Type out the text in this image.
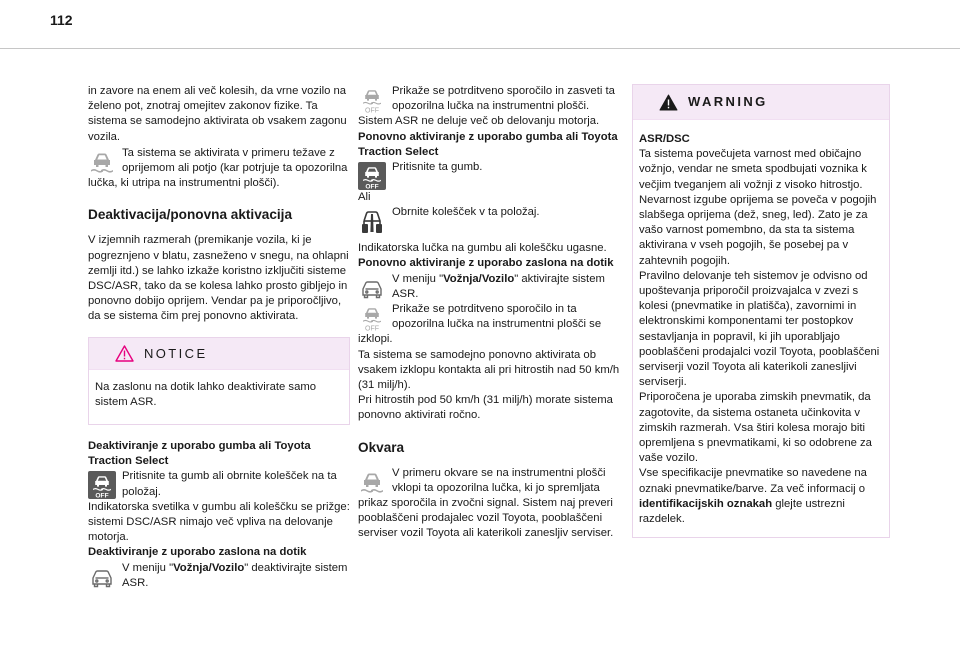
112

in zavore na enem ali več kolesih, da vrne vozilo na želeno pot, znotraj omejitev zakonov fizike. Ta sistema se samodejno aktivirata ob vsakem zagonu vozila.

Ta sistema se aktivirata v primeru težave z oprijemom ali potjo (kar potrjuje ta opozorilna lučka, ki utripa na instrumentni plošči).

Deaktivacija/ponovna aktivacija

V izjemnih razmerah (premikanje vozila, ki je pogreznjeno v blatu, zasneženo v snegu, na ohlapni zemlji itd.) se lahko izkaže koristno izključiti sisteme DSC/ASR, tako da se kolesa lahko prosto gibljejo in ponovno dobijo oprijem. Vendar pa je priporočljivo, da se sistema čim prej ponovno aktivirata.

NOTICE

Na zaslonu na dotik lahko deaktivirate samo sistem ASR.

Deaktiviranje z uporabo gumba ali Toyota Traction Select

OFF

Pritisnite ta gumb ali obrnite kolešček na ta položaj.

Indikatorska svetilka v gumbu ali koleščku se prižge: sistemi DSC/ASR nimajo več vpliva na delovanje motorja.

Deaktiviranje z uporabo zaslona na dotik

V meniju "Vožnja/Vozilo" deaktivirajte sistem ASR.

OFF

Prikaže se potrditveno sporočilo in zasveti ta opozorilna lučka na instrumentni plošči.

Sistem ASR ne deluje več ob delovanju motorja.

Ponovno aktiviranje z uporabo gumba ali Toyota Traction Select

OFF

Pritisnite ta gumb.

Ali

Obrnite kolešček v ta položaj.

Indikatorska lučka na gumbu ali koleščku ugasne.

Ponovno aktiviranje z uporabo zaslona na dotik

V meniju "Vožnja/Vozilo" aktivirajte sistem ASR.

OFF

Prikaže se potrditveno sporočilo in ta opozorilna lučka na instrumentni plošči se izklopi.

Ta sistema se samodejno ponovno aktivirata ob vsakem izklopu kontakta ali pri hitrostih nad 50 km/h (31 milj/h).

Pri hitrostih pod 50 km/h (31 milj/h) morate sistema ponovno aktivirati ročno.

Okvara

V primeru okvare se na instrumentni plošči vklopi ta opozorilna lučka, ki jo spremljata prikaz sporočila in zvočni signal. Sistem naj preveri pooblaščeni prodajalec vozil Toyota, pooblaščeni serviser vozil Toyota ali katerikoli zanesljiv serviser.

WARNING

ASR/DSC

Ta sistema povečujeta varnost med običajno vožnjo, vendar ne smeta spodbujati voznika k večjim tveganjem ali vožnji z visoko hitrostjo. Nevarnost izgube oprijema se poveča v pogojih slabšega oprijema (dež, sneg, led). Zato je za vašo varnost pomembno, da sta ta sistema aktivirana v vseh pogojih, še posebej pa v zahtevnih pogojih.

Pravilno delovanje teh sistemov je odvisno od upoštevanja priporočil proizvajalca v zvezi s kolesi (pnevmatike in platišča), zavornimi in elektronskimi komponentami ter postopkov sestavljanja in popravil, ki jih uporabljajo pooblaščeni prodajalci vozil Toyota, pooblaščeni serviserji vozil Toyota ali katerikoli zanesljivi serviserji.

Priporočena je uporaba zimskih pnevmatik, da zagotovite, da sistema ostaneta učinkovita v zimskih razmerah. Vsa štiri kolesa morajo biti opremljena s pnevmatikami, ki so odobrene za vaše vozilo.

Vse specifikacije pnevmatike so navedene na oznaki pnevmatike/barve. Za več informacij o identifikacijskih oznakah glejte ustrezni razdelek.
